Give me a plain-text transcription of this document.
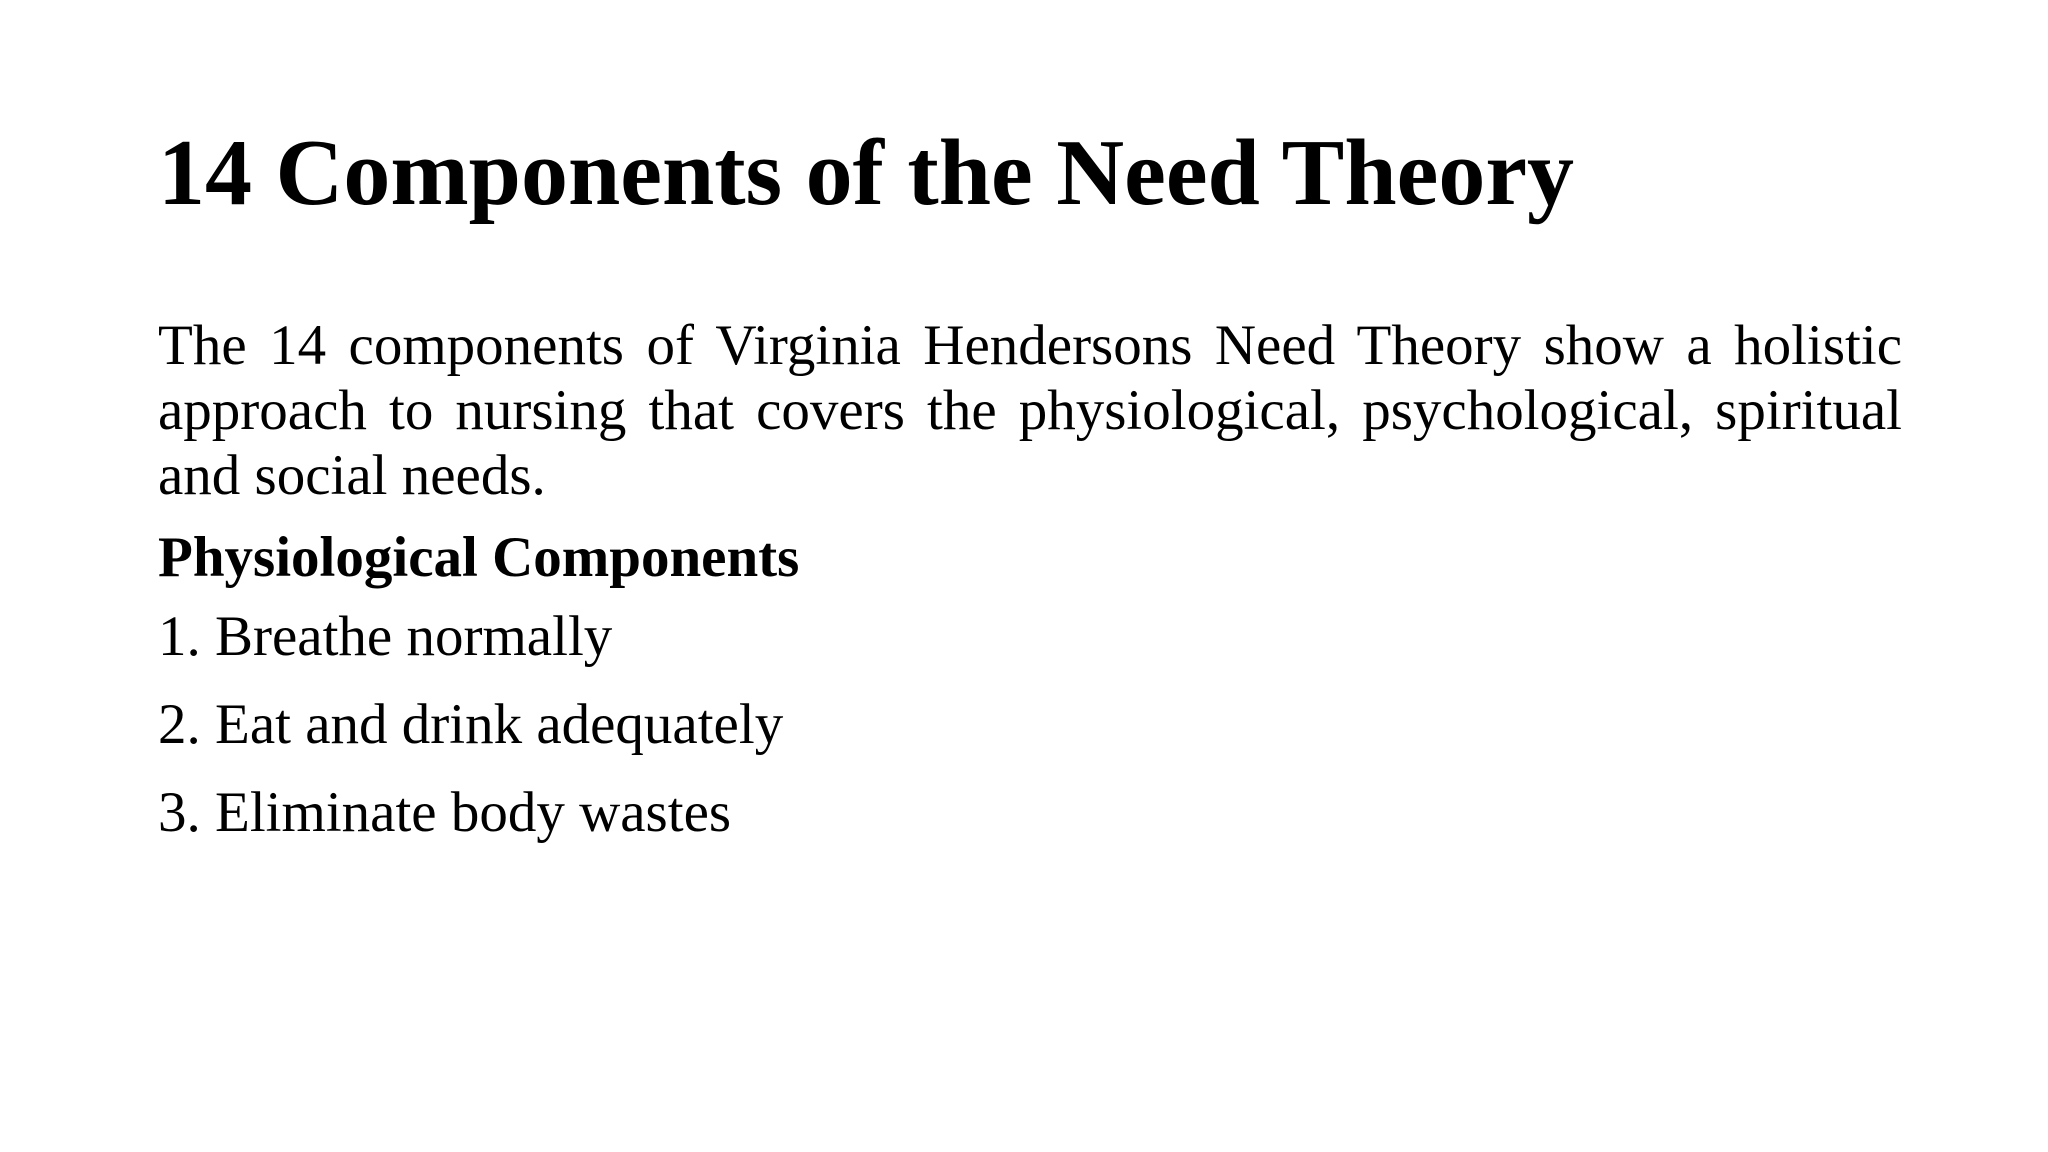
14 Components of the Need Theory

The 14 components of Virginia Hendersons Need Theory show a holistic approach to nursing that covers the physiological, psychological, spiritual and social needs.

Physiological Components
1. Breathe normally
2. Eat and drink adequately
3. Eliminate body wastes
